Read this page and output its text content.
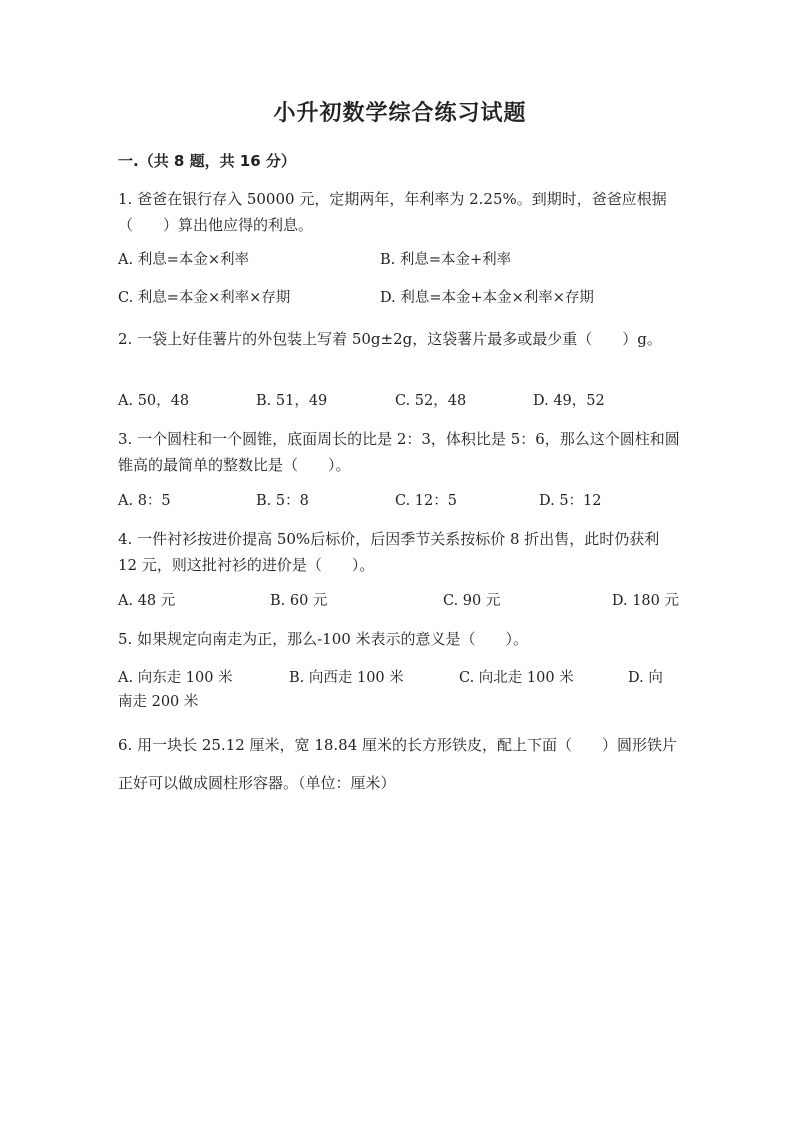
小升初数学综合练习试题
一.（共 8 题，共 16 分）
1. 爸爸在银行存入 50000 元，定期两年，年利率为 2.25%。到期时，爸爸应根据（　　）算出他应得的利息。
A. 利息=本金×利率	B. 利息=本金+利率
C. 利息=本金×利率×存期	D. 利息=本金+本金×利率×存期
2. 一袋上好佳薯片的外包装上写着 50g±2g，这袋薯片最多或最少重（　　）g。
A. 50，48	B. 51，49	C. 52，48	D. 49，52
3. 一个圆柱和一个圆锥，底面周长的比是 2：3，体积比是 5：6，那么这个圆柱和圆锥高的最简单的整数比是（　　）。
A. 8：5	B. 5：8	C. 12：5	D. 5：12
4. 一件衬衫按进价提高 50%后标价，后因季节关系按标价 8 折出售，此时仍获利 12 元，则这批衬衫的进价是（　　）。
A. 48 元	B. 60 元	C. 90 元	D. 180 元
5. 如果规定向南走为正，那么-100 米表示的意义是（　　）。
A. 向东走 100 米	B. 向西走 100 米	C. 向北走 100 米	D. 向南走 200 米
6. 用一块长 25.12 厘米，宽 18.84 厘米的长方形铁皮，配上下面（　　）圆形铁片正好可以做成圆柱形容器。（单位：厘米）
